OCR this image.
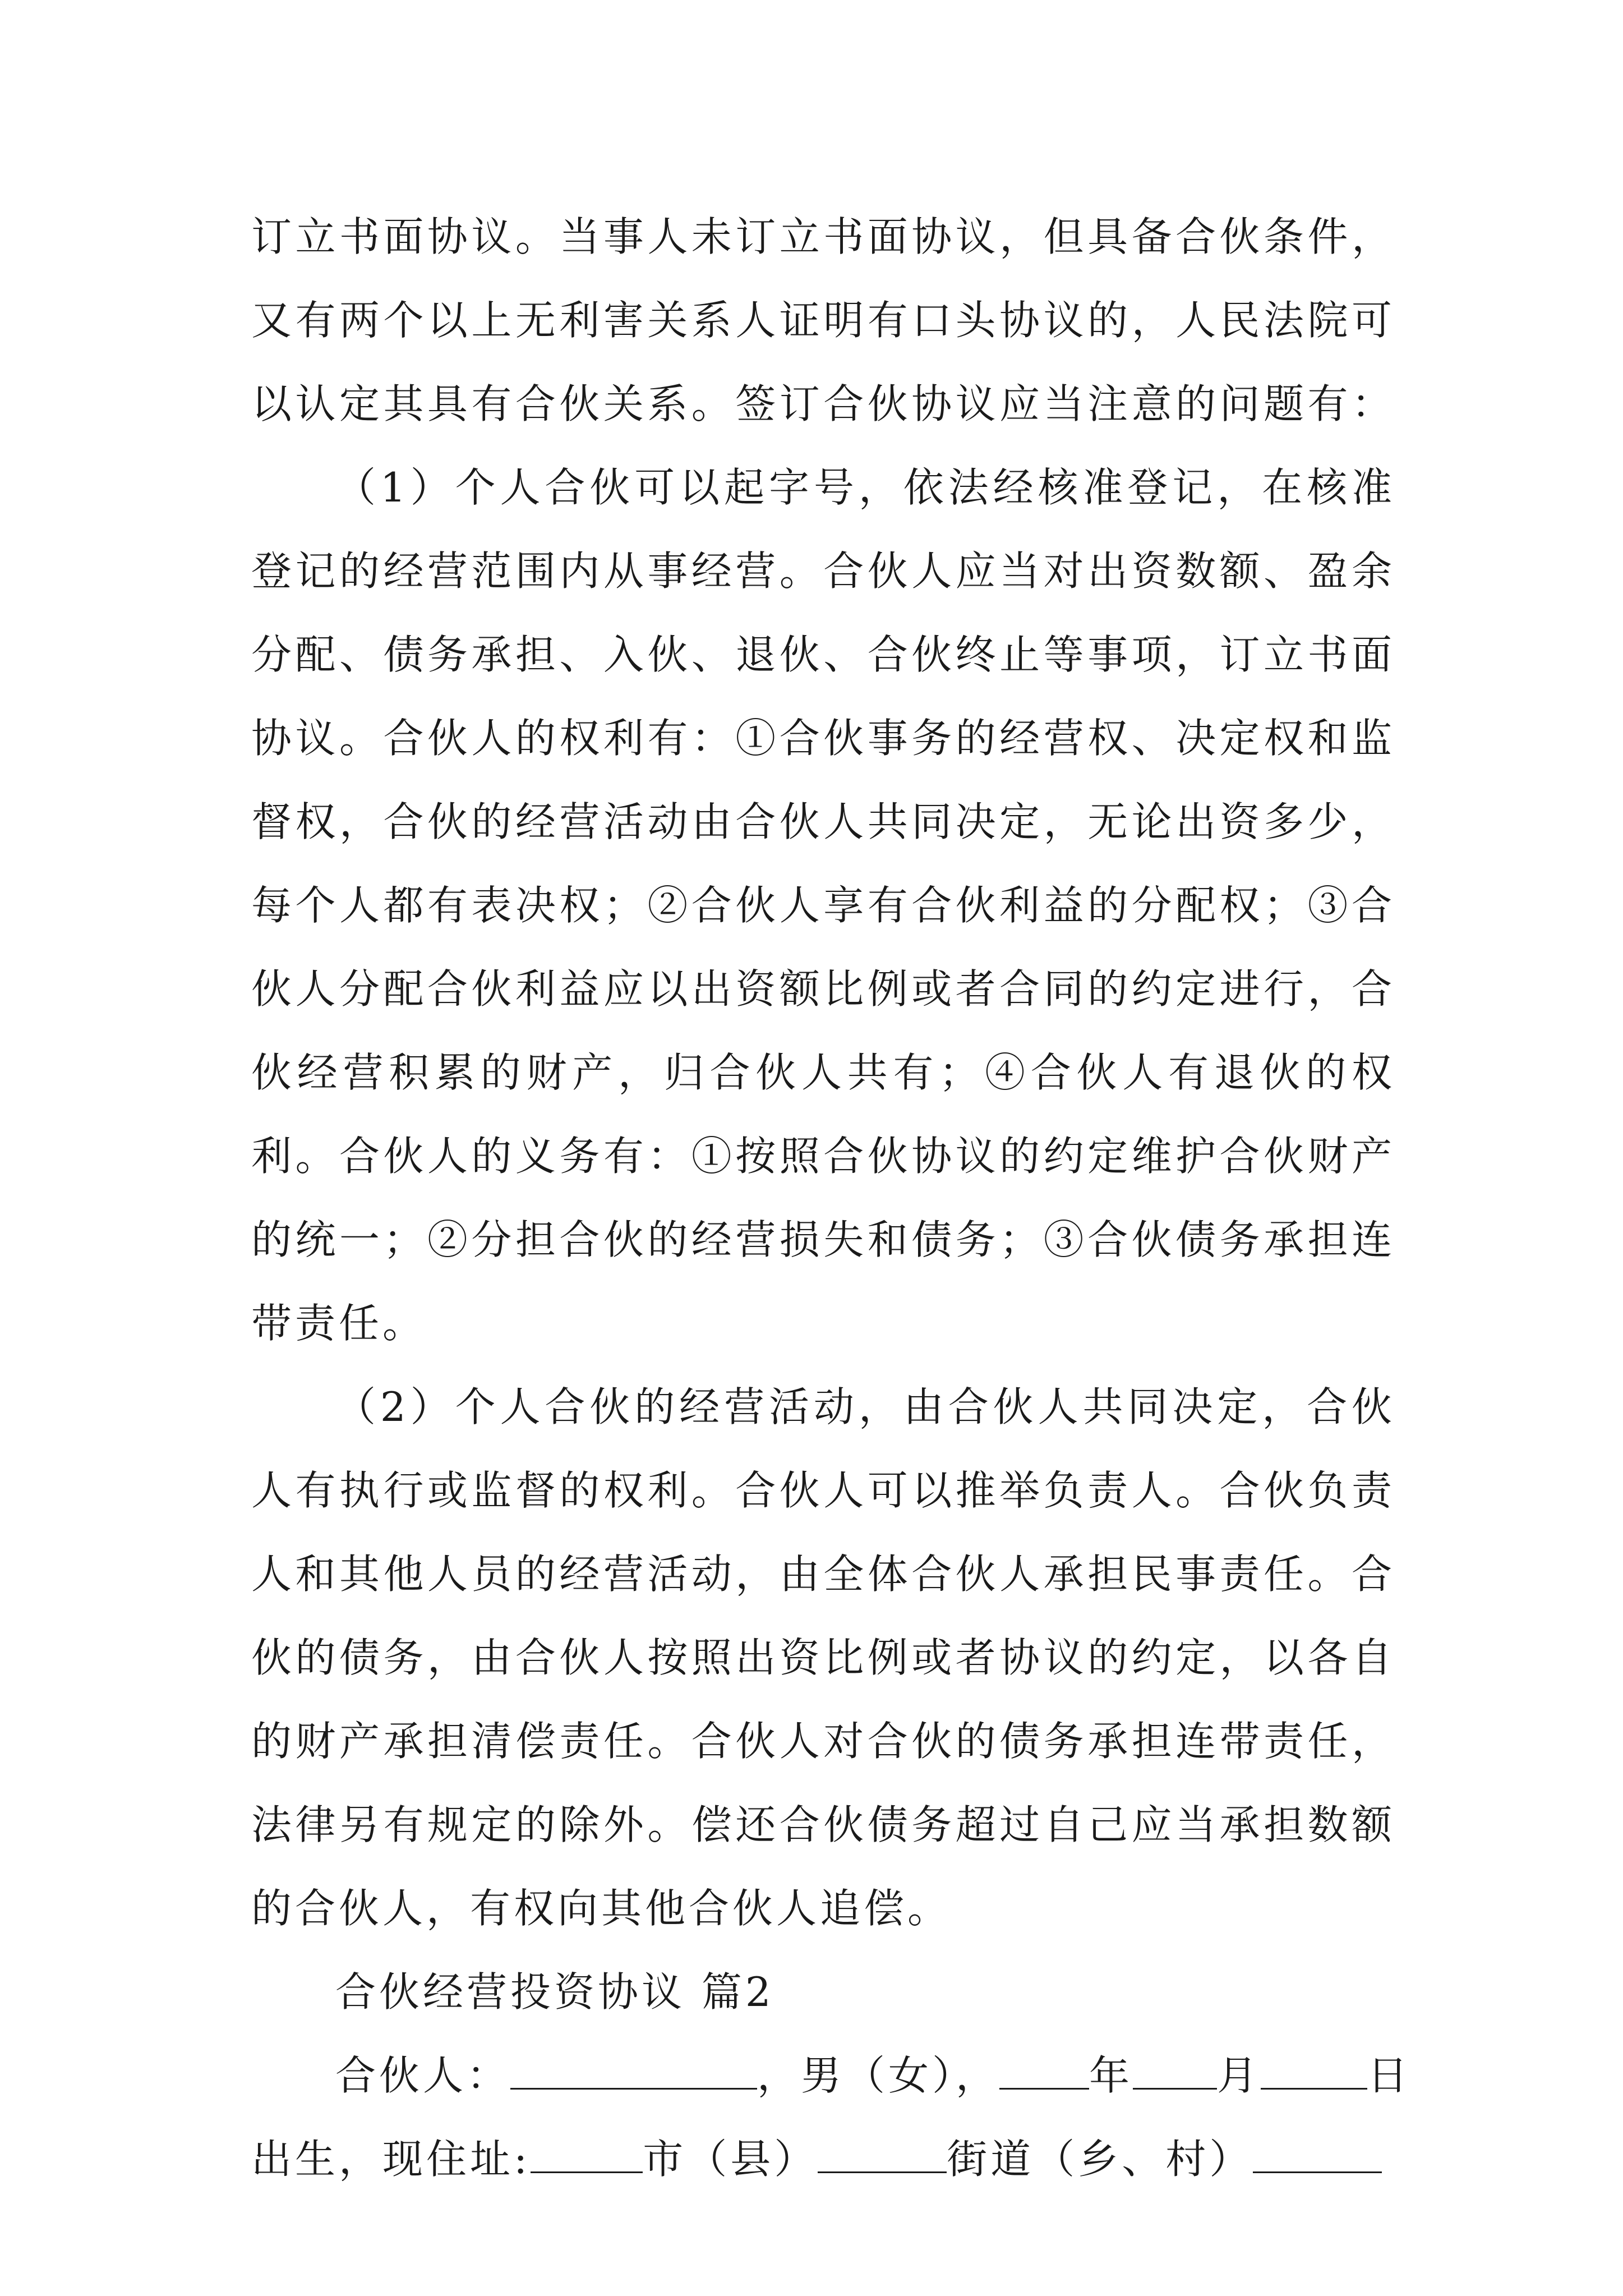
订立书面协议。当事人未订立书面协议，但具备合伙条件，
又有两个以上无利害关系人证明有口头协议的，人民法院可
以认定其具有合伙关系。签订合伙协议应当注意的问题有：
（1）个人合伙可以起字号，依法经核准登记，在核准
登记的经营范围内从事经营。合伙人应当对出资数额、盈余
分配、债务承担、入伙、退伙、合伙终止等事项，订立书面
协议。合伙人的权利有：①合伙事务的经营权、决定权和监
督权，合伙的经营活动由合伙人共同决定，无论出资多少，
每个人都有表决权；②合伙人享有合伙利益的分配权；③合
伙人分配合伙利益应以出资额比例或者合同的约定进行，合
伙经营积累的财产，归合伙人共有；④合伙人有退伙的权
利。合伙人的义务有：①按照合伙协议的约定维护合伙财产
的统一；②分担合伙的经营损失和债务；③合伙债务承担连
带责任。
（2）个人合伙的经营活动，由合伙人共同决定，合伙
人有执行或监督的权利。合伙人可以推举负责人。合伙负责
人和其他人员的经营活动，由全体合伙人承担民事责任。合
伙的债务，由合伙人按照出资比例或者协议的约定，以各自
的财产承担清偿责任。合伙人对合伙的债务承担连带责任，
法律另有规定的除外。偿还合伙债务超过自己应当承担数额
的合伙人，有权向其他合伙人追偿。
合伙经营投资协议 篇2
合伙人：	，男（女）， 年 月	日
出生，现住址:	市（县）	街道（乡、村）
